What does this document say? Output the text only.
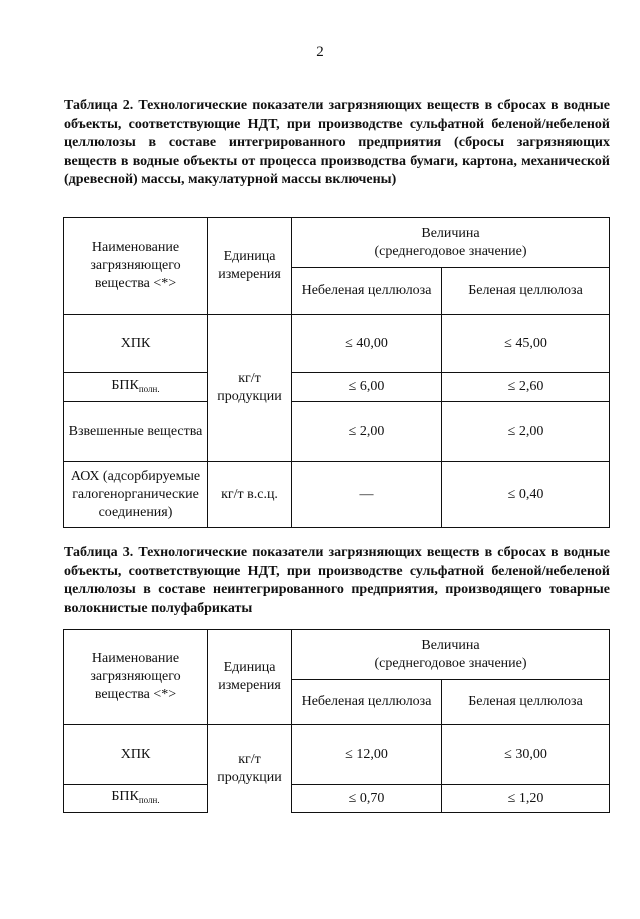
2
Таблица 2. Технологические показатели загрязняющих веществ в сбросах в водные объекты, соответствующие НДТ, при производстве сульфатной беленой/небеленой целлюлозы в составе интегрированного предприятия (сбросы загрязняющих веществ в водные объекты от процесса производства бумаги, картона, механической (древесной) массы, макулатурной массы включены)
Наименование загрязняющего вещества <*>	Единица измерения	Величина
(среднегодовое значение)	

		Небеленая целлюлоза	Беленая целлюлоза
ХПК	кг/т продукции	≤ 40,00	≤ 45,00
$БПК_{полн.}$		≤ 6,00	≤ 2,60
Взвешенные вещества		≤ 2,00	≤ 2,00
АОХ (адсорбируемые галогенорганические соединения)	кг/т в.с.ц.	—	≤ 0,40
Таблица 3. Технологические показатели загрязняющих веществ в сбросах в водные объекты, соответствующие НДТ, при производстве сульфатной беленой/небеленой целлюлозы в составе неинтегрированного предприятия, производящего товарные волокнистые полуфабрикаты
Наименование загрязняющего вещества <*>	Единица измерения	Величина
(среднегодовое значение)	

		Небеленая целлюлоза	Беленая целлюлоза
ХПК	кг/т продукции	≤ 12,00	≤ 30,00
$БПК_{полн.}$		≤ 0,70	≤ 1,20
